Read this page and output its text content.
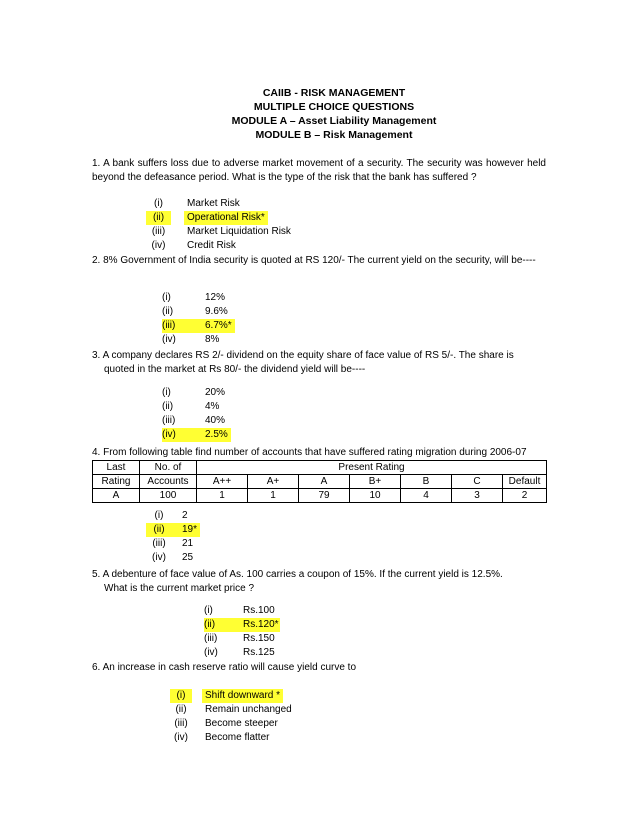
CAIIB - RISK MANAGEMENT
MULTIPLE CHOICE QUESTIONS
MODULE A – Asset Liability Management
MODULE B – Risk Management
1. A bank suffers loss due to adverse market movement of a security. The security was however held beyond the defeasance period. What is the type of the risk that the bank has suffered ?
(i) Market Risk
(ii) Operational Risk*
(iii) Market Liquidation Risk
(iv) Credit Risk
2. 8% Government of India security is quoted at RS 120/- The current yield on the security, will be----
(i)	12%
(ii)	9.6%
(iii)	6.7%*
(iv)	8%
3. A company declares RS 2/- dividend on the equity share of face value of RS 5/-. The share is
quoted in the market at Rs 80/- the dividend yield will be----
(i)	20%
(ii)	4%
(iii)	40%
(iv)	2.5%
4. From following table find number of accounts that have suffered rating migration during 2006-07
Last	No. of	Present Rating						
Rating	Accounts	A++	A+	A	B+	B	C	Default
A	100	1	1	79	10	4	3	2
(i) 2
(ii) 19*
(iii) 21
(iv) 25
5. A debenture of face value of As. 100 carries a coupon of 15%. If the current yield is 12.5%.
What is the current market price ?
(i)	Rs.100
(ii)	Rs.120*
(iii)	Rs.150
(iv)	Rs.125
6. An increase in cash reserve ratio will cause yield curve to
(i) Shift downward *
(ii) Remain unchanged
(iii) Become steeper
(iv) Become flatter
